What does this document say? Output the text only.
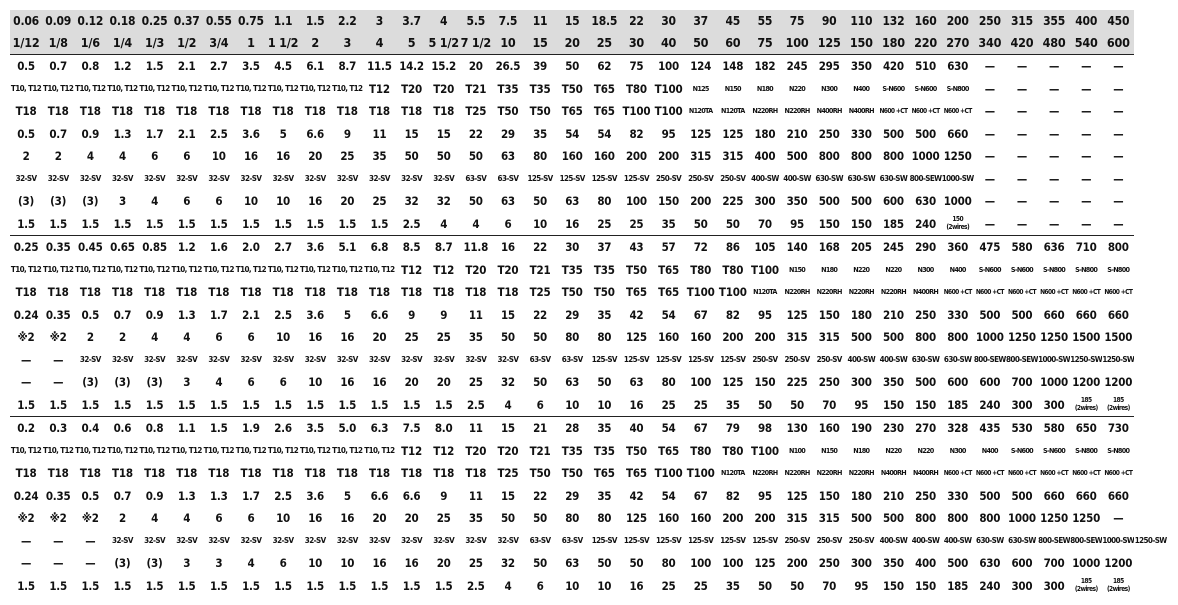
0.06	0.09	0.12	0.18	0.25	0.37	0.55	0.75	1.1	1.5	2.2	3	3.7	4	5.5	7.5	11	15	18.5	22	30	37	45	55	75	90	110	132	160	200	250	315	355	400	450	
1/12	1/8	1/6	1/4	1/3	1/2	3/4	1	1 1/2	2	3	4	5	5 1/2	7 1/2	10	15	20	25	30	40	50	60	75	100	125	150	180	220	270	340	420	480	540	600	
0.5	0.7	0.8	1.2	1.5	2.1	2.7	3.5	4.5	6.1	8.7	11.5	14.2	15.2	20	26.5	39	50	62	75	100	124	148	182	245	295	350	420	510	630	—	—	—	—	—	
T10, T12	T10, T12	T10, T12	T10, T12	T10, T12	T10, T12	T10, T12	T10, T12	T10, T12	T10, T12	T10, T12	T12	T20	T20	T21	T35	T35	T50	T65	T80	T100	N125	N150	N180	N220	N300	N400	S-N600	S-N600	S-N800	—	—	—	—	—	
T18	T18	T18	T18	T18	T18	T18	T18	T18	T18	T18	T18	T18	T18	T25	T50	T50	T65	T65	T100	T100	N120TA	N120TA	N220RH	N220RH	N400RH	N400RH	N600 +CT	N600 +CT	N600 +CT	—	—	—	—	—	
0.5	0.7	0.9	1.3	1.7	2.1	2.5	3.6	5	6.6	9	11	15	15	22	29	35	54	54	82	95	125	125	180	210	250	330	500	500	660	—	—	—	—	—	
2	2	4	4	6	6	10	16	16	20	25	35	50	50	50	63	80	160	160	200	200	315	315	400	500	800	800	800	1000	1250	—	—	—	—	—	
32-SV	32-SV	32-SV	32-SV	32-SV	32-SV	32-SV	32-SV	32-SV	32-SV	32-SV	32-SV	32-SV	32-SV	63-SV	63-SV	125-SV	125-SV	125-SV	125-SV	250-SV	250-SV	250-SV	400-SW	400-SW	630-SW	630-SW	630-SW	800-SEW	1000-SW	—	—	—	—	—	
(3)	(3)	(3)	3	4	6	6	10	10	16	20	25	32	32	50	63	50	63	80	100	150	200	225	300	350	500	500	600	630	1000	—	—	—	—	—	
1.5	1.5	1.5	1.5	1.5	1.5	1.5	1.5	1.5	1.5	1.5	1.5	2.5	4	4	6	10	16	25	25	35	50	50	70	95	150	150	185	240	150 (2wires)	—	—	—	—	—	
0.25	0.35	0.45	0.65	0.85	1.2	1.6	2.0	2.7	3.6	5.1	6.8	8.5	8.7	11.8	16	22	30	37	43	57	72	86	105	140	168	205	245	290	360	475	580	636	710	800	
T10, T12	T10, T12	T10, T12	T10, T12	T10, T12	T10, T12	T10, T12	T10, T12	T10, T12	T10, T12	T10, T12	T10, T12	T12	T12	T20	T20	T21	T35	T35	T50	T65	T80	T80	T100	N150	N180	N220	N220	N300	N400	S-N600	S-N600	S-N800	S-N800	S-N800	
T18	T18	T18	T18	T18	T18	T18	T18	T18	T18	T18	T18	T18	T18	T18	T18	T25	T50	T50	T65	T65	T100	T100	N120TA	N220RH	N220RH	N220RH	N220RH	N400RH	N600 +CT	N600 +CT	N600 +CT	N600 +CT	N600 +CT	N600 +CT	
0.24	0.35	0.5	0.7	0.9	1.3	1.7	2.1	2.5	3.6	5	6.6	9	9	11	15	22	29	35	42	54	67	82	95	125	150	180	210	250	330	500	500	660	660	660	
※2	※2	2	2	4	4	6	6	10	16	16	20	25	25	35	50	50	80	80	125	160	160	200	200	315	315	500	500	800	800	1000	1250	1250	1500	1500	
—	—	32-SV	32-SV	32-SV	32-SV	32-SV	32-SV	32-SV	32-SV	32-SV	32-SV	32-SV	32-SV	32-SV	32-SV	63-SV	63-SV	125-SV	125-SV	125-SV	125-SV	125-SV	250-SV	250-SV	250-SV	400-SW	400-SW	630-SW	630-SW	800-SEW	800-SEW	1000-SW	1250-SW	1250-SW	
—	—	(3)	(3)	(3)	3	4	6	6	10	16	16	20	20	25	32	50	63	50	63	80	100	125	150	225	250	300	350	500	600	600	700	1000	1200	1200	
1.5	1.5	1.5	1.5	1.5	1.5	1.5	1.5	1.5	1.5	1.5	1.5	1.5	1.5	2.5	4	6	10	10	16	25	25	35	50	50	70	95	150	150	185	240	300	300	185 (2wires)	185 (2wires)	
0.2	0.3	0.4	0.6	0.8	1.1	1.5	1.9	2.6	3.5	5.0	6.3	7.5	8.0	11	15	21	28	35	40	54	67	79	98	130	160	190	230	270	328	435	530	580	650	730	
T10, T12	T10, T12	T10, T12	T10, T12	T10, T12	T10, T12	T10, T12	T10, T12	T10, T12	T10, T12	T10, T12	T10, T12	T12	T12	T20	T20	T21	T35	T35	T50	T65	T80	T80	T100	N100	N150	N180	N220	N220	N300	N400	S-N600	S-N600	S-N800	S-N800	
T18	T18	T18	T18	T18	T18	T18	T18	T18	T18	T18	T18	T18	T18	T18	T25	T50	T50	T65	T65	T100	T100	N120TA	N220RH	N220RH	N220RH	N220RH	N400RH	N400RH	N600 +CT	N600 +CT	N600 +CT	N600 +CT	N600 +CT	N600 +CT	
0.24	0.35	0.5	0.7	0.9	1.3	1.3	1.7	2.5	3.6	5	6.6	6.6	9	11	15	22	29	35	42	54	67	82	95	125	150	180	210	250	330	500	500	660	660	660	
※2	※2	※2	2	4	4	6	6	10	16	16	20	20	25	35	50	50	80	80	125	160	160	200	200	315	315	500	500	800	800	800	1000	1250	1250	—	
—	—	—	32-SV	32-SV	32-SV	32-SV	32-SV	32-SV	32-SV	32-SV	32-SV	32-SV	32-SV	32-SV	32-SV	63-SV	63-SV	125-SV	125-SV	125-SV	125-SV	125-SV	125-SV	250-SV	250-SV	250-SV	400-SW	400-SW	400-SW	630-SW	630-SW	800-SEW	800-SEW	1000-SW	1250-SW
—	—	—	(3)	(3)	3	3	4	6	10	10	16	16	20	25	32	50	63	50	50	80	100	100	125	200	250	300	350	400	500	630	600	700	1000	1200	
1.5	1.5	1.5	1.5	1.5	1.5	1.5	1.5	1.5	1.5	1.5	1.5	1.5	1.5	2.5	4	6	10	10	16	25	25	35	50	50	70	95	150	150	185	240	300	300	185 (2wires)	185 (2wires)	
